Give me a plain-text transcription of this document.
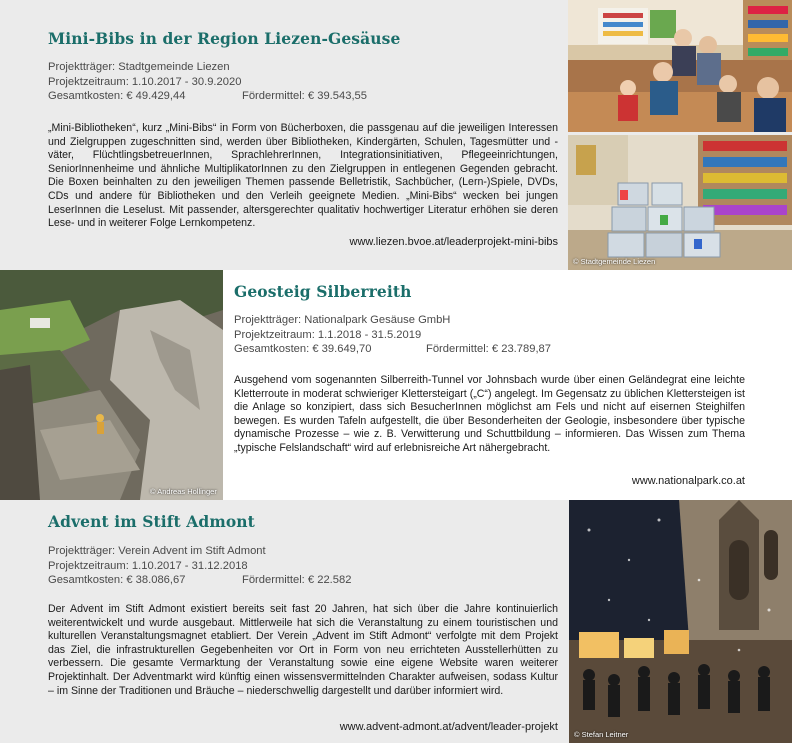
Mini-Bibs in der Region Liezen-Gesäuse
Projektträger: Stadtgemeinde Liezen
Projektzeitraum: 1.10.2017 - 30.9.2020
Gesamtkosten: € 49.429,44	Fördermittel: € 39.543,55

„Mini-Bibliotheken“, kurz „Mini-Bibs“ in Form von Bücherboxen, die passgenau auf die jeweiligen Interessen und Zielgruppen zugeschnitten sind, werden über Bibliotheken, Kindergärten, Schulen, Tagesmütter und -väter, FlüchtlingsbetreuerInnen, SprachlehrerInnen, Integrationsinitiativen, Pflegeeinrichtungen, SeniorInnenheime und ähnliche MultiplikatorInnen zu den Zielgruppen in entlegenen Gegenden gebracht. Die Boxen beinhalten zu den jeweiligen Themen passende Belletristik, Sachbücher, (Lern-)Spiele, DVDs, CDs und andere für Bibliotheken und den Verleih geeignete Medien. „Mini-Bibs“ wecken bei jungen LeserInnen die Leselust. Mit passender, altersgerechter qualitativ hochwertiger Literatur erhöhen sie deren Lese- und in weiterer Folge Lernkompetenz.

www.liezen.bvoe.at/leaderprojekt-mini-bibs
© Stadtgemeinde Liezen
© Andreas Hollinger
Geosteig Silberreith
Projektträger: Nationalpark Gesäuse GmbH
Projektzeitraum: 1.1.2018 - 31.5.2019
Gesamtkosten: € 39.649,70	Fördermittel: € 23.789,87

Ausgehend vom sogenannten Silberreith-Tunnel vor Johnsbach wurde über einen Geländegrat eine leichte Kletterroute in moderat schwieriger Klettersteigart („C“) angelegt. Im Gegensatz zu üblichen Klettersteigen ist die Anlage so konzipiert, dass sich BesucherInnen möglichst am Fels und nicht auf eisernen Steighilfen bewegen. Es wurden Tafeln aufgestellt, die über Besonderheiten der Geologie, insbesondere über typische dynamische Prozesse – wie z. B. Verwitterung und Schuttbildung – informieren. Das Wissen zum Thema „typische Felslandschaft“ wird auf erlebnisreiche Art nähergebracht.

www.nationalpark.co.at
Advent im Stift Admont
Projektträger: Verein Advent im Stift Admont
Projektzeitraum: 1.10.2017 - 31.12.2018
Gesamtkosten: € 38.086,67	Fördermittel: € 22.582

Der Advent im Stift Admont existiert bereits seit fast 20 Jahren, hat sich über die Jahre kontinuierlich weiterentwickelt und wurde ausgebaut. Mittlerweile hat sich die Veranstaltung zu einem touristischen und kulturellen Veranstaltungsmagnet etabliert. Der Verein „Advent im Stift Admont“ verfolgte mit dem Projekt das Ziel, die infrastrukturellen Gegebenheiten vor Ort in Form von neu errichteten Ausstellerhütten zu verbessern. Die gesamte Vermarktung der Veranstaltung sowie eine eigene Website waren weiterer Projektinhalt. Der Adventmarkt wird künftig einen wissensvermittelnden Charakter aufweisen, sodass Kultur – im Sinne der Traditionen und Bräuche – niederschwellig dargestellt und darüber informiert wird.

www.advent-admont.at/advent/leader-projekt
© Stefan Leitner
